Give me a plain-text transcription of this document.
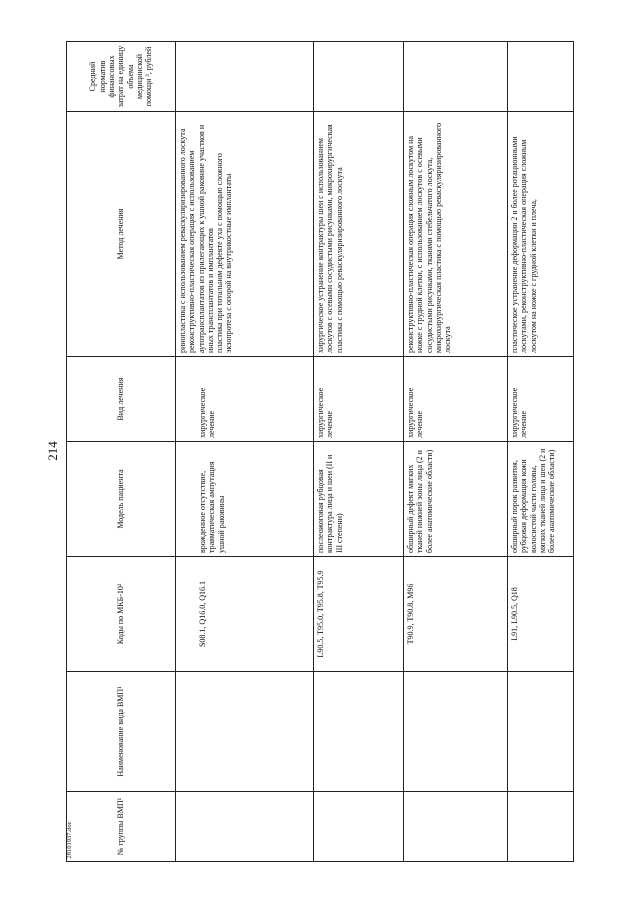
214
№ группы ВМП¹	Наименование вида ВМП¹	Коды по МКБ-10²	Модель пациента	Вид лечения	Метод лечения	Средний норматив финансовых затрат на единицу объема медицинской помощи ³, рублей

		S08.1, Q16.0, Q16.1	врожденное отсутствие, травматическая ампутация ушной раковины	хирургическое лечение	ринопластика с использованием реваскуляризированного лоскута реконструктивно-пластическая операция с использованием аутотрансплантатов из прилегающих к ушной раковине участков и иных трансплантатов и имплантатов пластика при тотальном дефекте уха с помощью сложного экзопротеза с опорой на внутрикостные имплантаты	

		L90.5, T95.0, T95.8, T95.9	послеожоговая рубцовая контрактура лица и шеи (II и III степени)	хирургическое лечение	хирургическое устранение контрактуры шеи с использованием лоскутов с осевыми сосудистыми рисунками, микрохирургическая пластика с помощью реваскуляризированного лоскута	

		T90.9, T90.8, M96	обширный дефект мягких тканей нижней зоны лица (2 и более анатомические области)	хирургическое лечение	реконструктивно-пластическая операция сложным лоскутом на ножке с грудной клетки, с использованием лоскутов с осевыми сосудистыми рисунками, тканями стебельчатого лоскута, микрохирургическая пластика с помощью реваскуляризированного лоскута	

		L91, L90.5, Q18	обширный порок развития, рубцовая деформация кожи волосистой части головы, мягких тканей лица и шеи (2 и более анатомические области)	хирургическое лечение	пластическое устранение деформации 2 и более ротационными лоскутами, реконструктивно-пластическая операция сложным лоскутом на ножке с грудной клетки и плеча,	

28101937.doc
